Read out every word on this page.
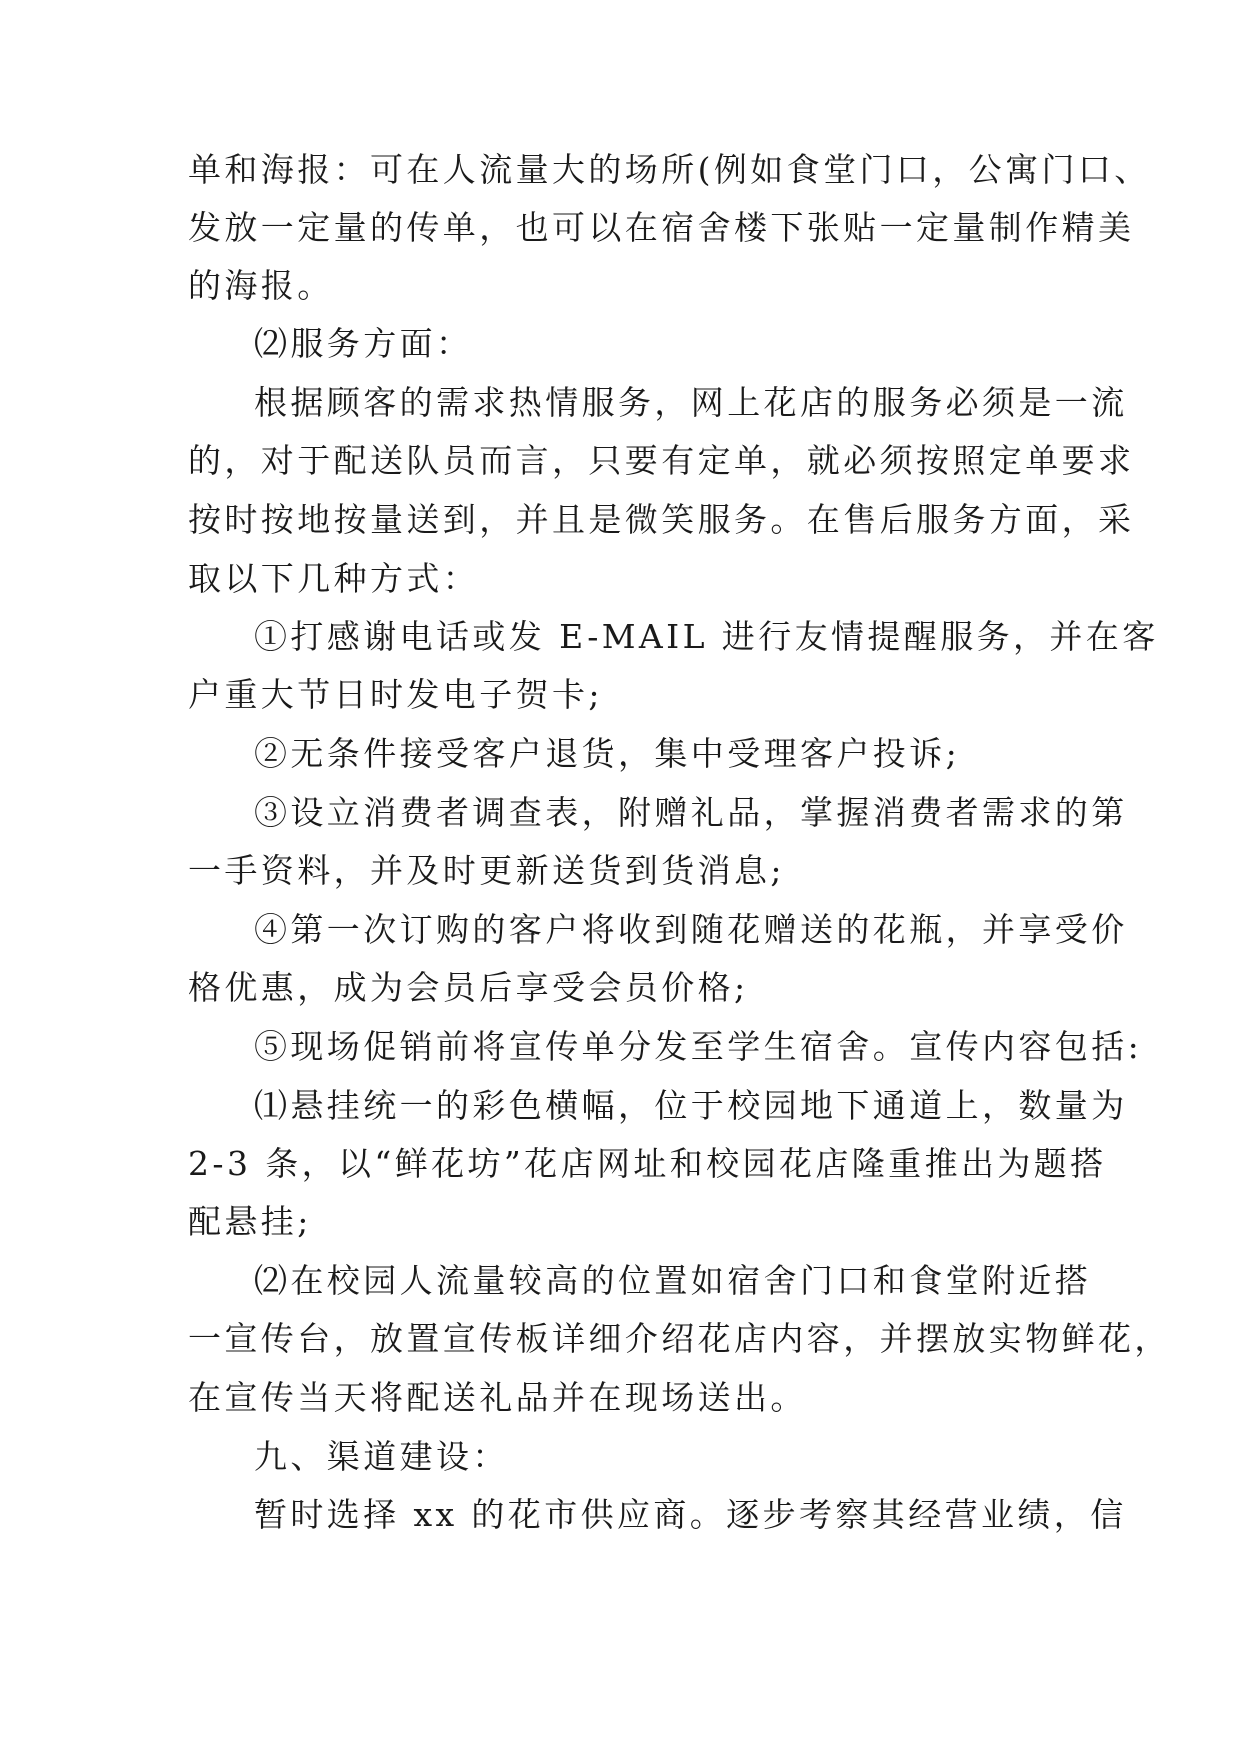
单和海报：可在人流量大的场所(例如食堂门口，公寓门口、
发放一定量的传单，也可以在宿舍楼下张贴一定量制作精美
的海报。
⑵服务方面：
根据顾客的需求热情服务，网上花店的服务必须是一流
的，对于配送队员而言，只要有定单，就必须按照定单要求
按时按地按量送到，并且是微笑服务。在售后服务方面，采
取以下几种方式：
①打感谢电话或发 E-MAIL 进行友情提醒服务，并在客
户重大节日时发电子贺卡;
②无条件接受客户退货，集中受理客户投诉;
③设立消费者调查表，附赠礼品，掌握消费者需求的第
一手资料，并及时更新送货到货消息;
④第一次订购的客户将收到随花赠送的花瓶，并享受价
格优惠，成为会员后享受会员价格;
⑤现场促销前将宣传单分发至学生宿舍。宣传内容包括:
⑴悬挂统一的彩色横幅，位于校园地下通道上，数量为
2-3 条，以“鲜花坊”花店网址和校园花店隆重推出为题搭
配悬挂;
⑵在校园人流量较高的位置如宿舍门口和食堂附近搭
一宣传台，放置宣传板详细介绍花店内容，并摆放实物鲜花，
在宣传当天将配送礼品并在现场送出。
九、渠道建设：
暂时选择 xx 的花市供应商。逐步考察其经营业绩，信
